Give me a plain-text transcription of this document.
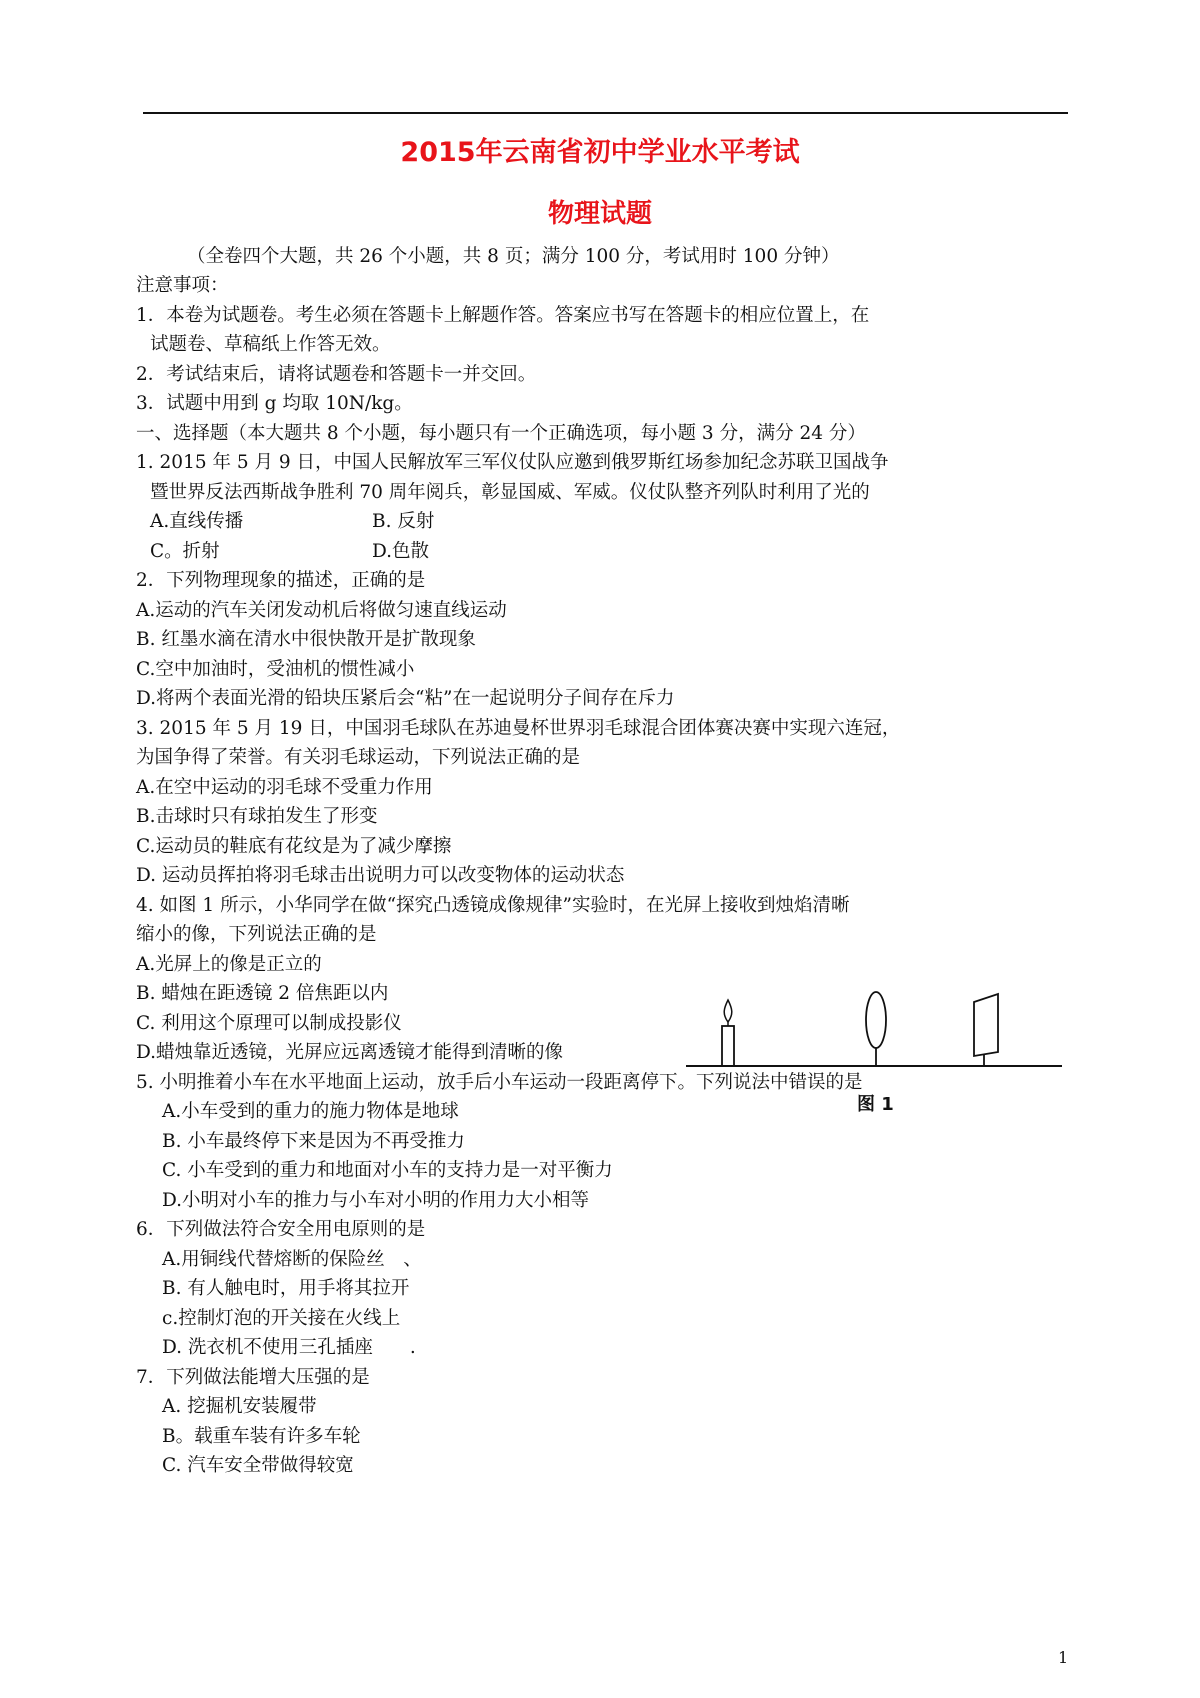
2015年云南省初中学业水平考试
物理试题
（全卷四个大题，共 26 个小题，共 8 页；满分 100 分，考试用时 100 分钟）
注意事项：
1．本卷为试题卷。考生必须在答题卡上解题作答。答案应书写在答题卡的相应位置上，在
试题卷、草稿纸上作答无效。
2．考试结束后，请将试题卷和答题卡一并交回。
3．试题中用到 g 均取 10N/kg。
一、选择题（本大题共 8 个小题，每小题只有一个正确选项，每小题 3 分，满分 24 分）
1. 2015 年 5 月 9 日，中国人民解放军三军仪仗队应邀到俄罗斯红场参加纪念苏联卫国战争
暨世界反法西斯战争胜利 70 周年阅兵，彰显国威、军威。仪仗队整齐列队时利用了光的
A.直线传播	B. 反射
C。折射	D.色散
2．下列物理现象的描述，正确的是
A.运动的汽车关闭发动机后将做匀速直线运动
B. 红墨水滴在清水中很快散开是扩散现象
C.空中加油时，受油机的惯性减小
D.将两个表面光滑的铅块压紧后会“粘”在一起说明分子间存在斥力
3. 2015 年 5 月 19 日，中国羽毛球队在苏迪曼杯世界羽毛球混合团体赛决赛中实现六连冠，
为国争得了荣誉。有关羽毛球运动，下列说法正确的是
A.在空中运动的羽毛球不受重力作用
B.击球时只有球拍发生了形变
C.运动员的鞋底有花纹是为了减少摩擦
D. 运动员挥拍将羽毛球击出说明力可以改变物体的运动状态
4. 如图 1 所示，小华同学在做“探究凸透镜成像规律”实验时，在光屏上接收到烛焰清晰
缩小的像，下列说法正确的是
A.光屏上的像是正立的
B. 蜡烛在距透镜 2 倍焦距以内
C. 利用这个原理可以制成投影仪
D.蜡烛靠近透镜，光屏应远离透镜才能得到清晰的像
图 1
5. 小明推着小车在水平地面上运动，放手后小车运动一段距离停下。下列说法中错误的是
A.小车受到的重力的施力物体是地球
B. 小车最终停下来是因为不再受推力
C. 小车受到的重力和地面对小车的支持力是一对平衡力
D.小明对小车的推力与小车对小明的作用力大小相等
6．下列做法符合安全用电原则的是
A.用铜线代替熔断的保险丝　、
B. 有人触电时，用手将其拉开
c.控制灯泡的开关接在火线上
D. 洗衣机不使用三孔插座　　.
7．下列做法能增大压强的是
A. 挖掘机安装履带
B。载重车装有许多车轮
C. 汽车安全带做得较宽
1
